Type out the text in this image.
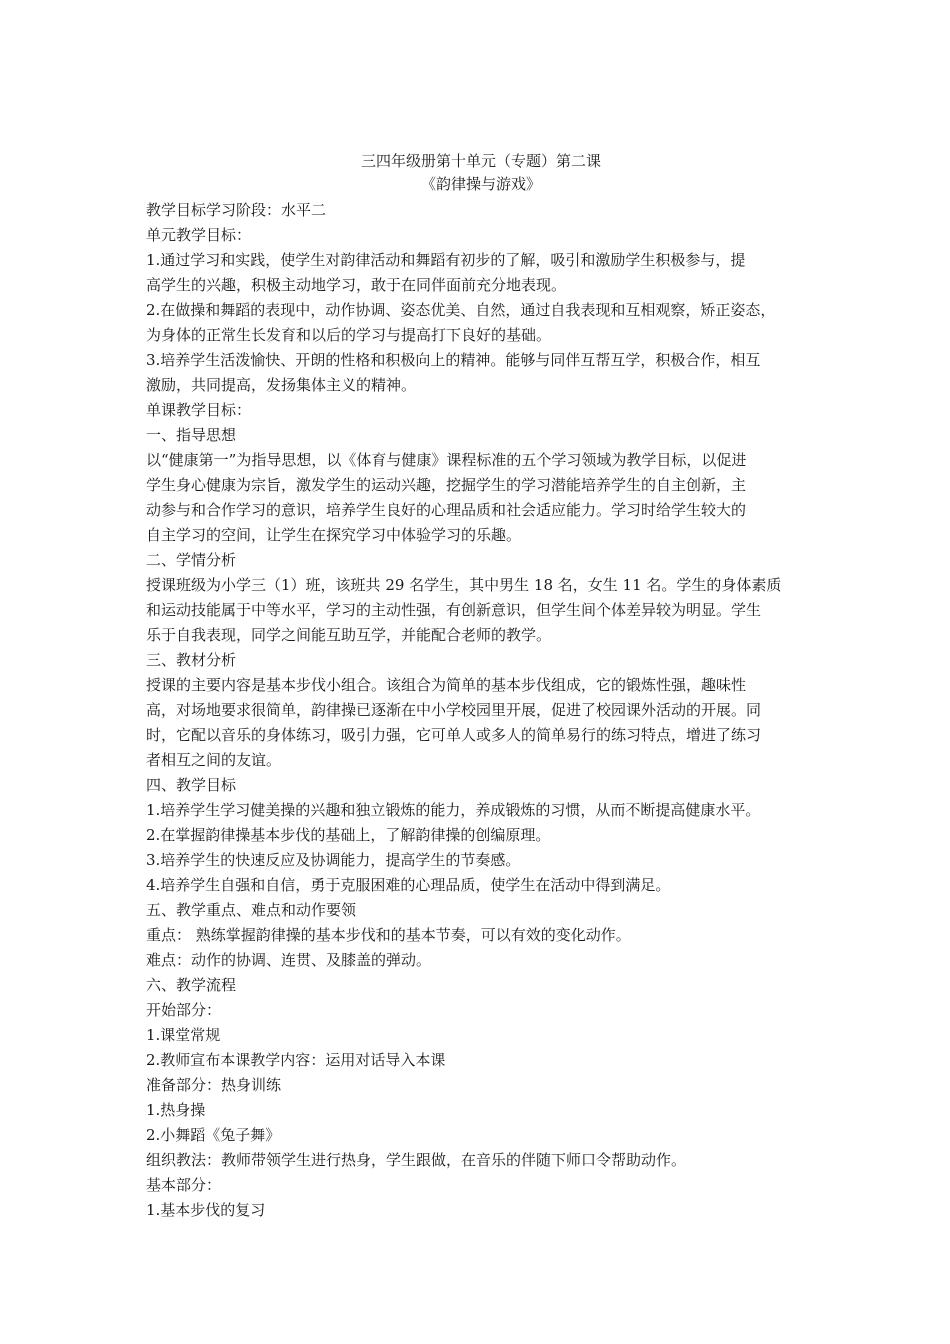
三四年级册第十单元（专题）第二课

《韵律操与游戏》

教学目标学习阶段：水平二
单元教学目标：
1.通过学习和实践，使学生对韵律活动和舞蹈有初步的了解，吸引和激励学生积极参与，提
高学生的兴趣，积极主动地学习，敢于在同伴面前充分地表现。
2.在做操和舞蹈的表现中，动作协调、姿态优美、自然，通过自我表现和互相观察，矫正姿态，
为身体的正常生长发育和以后的学习与提高打下良好的基础。
3.培养学生活泼愉快、开朗的性格和积极向上的精神。能够与同伴互帮互学，积极合作，相互
激励，共同提高，发扬集体主义的精神。
单课教学目标：
一、指导思想
以“健康第一”为指导思想，以《体育与健康》课程标准的五个学习领域为教学目标，以促进
学生身心健康为宗旨，激发学生的运动兴趣，挖掘学生的学习潜能培养学生的自主创新，主
动参与和合作学习的意识，培养学生良好的心理品质和社会适应能力。学习时给学生较大的
自主学习的空间，让学生在探究学习中体验学习的乐趣。
二、学情分析
授课班级为小学三（1）班，该班共 29 名学生，其中男生 18 名，女生 11 名。学生的身体素质
和运动技能属于中等水平，学习的主动性强，有创新意识，但学生间个体差异较为明显。学生
乐于自我表现，同学之间能互助互学，并能配合老师的教学。
三、教材分析
授课的主要内容是基本步伐小组合。该组合为简单的基本步伐组成，它的锻炼性强，趣味性
高，对场地要求很简单，韵律操已逐渐在中小学校园里开展，促进了校园课外活动的开展。同
时，它配以音乐的身体练习，吸引力强，它可单人或多人的简单易行的练习特点，增进了练习
者相互之间的友谊。
四、教学目标
1.培养学生学习健美操的兴趣和独立锻炼的能力，养成锻炼的习惯，从而不断提高健康水平。
2.在掌握韵律操基本步伐的基础上，了解韵律操的创编原理。
3.培养学生的快速反应及协调能力，提高学生的节奏感。
4.培养学生自强和自信，勇于克服困难的心理品质，使学生在活动中得到满足。
五、教学重点、难点和动作要领
重点： 熟练掌握韵律操的基本步伐和的基本节奏，可以有效的变化动作。
难点：动作的协调、连贯、及膝盖的弹动。
六、教学流程
开始部分：
1.课堂常规
2.教师宣布本课教学内容：运用对话导入本课
准备部分：热身训练
1.热身操
2.小舞蹈《兔子舞》
组织教法：教师带领学生进行热身，学生跟做，在音乐的伴随下师口令帮助动作。
基本部分：
1.基本步伐的复习
